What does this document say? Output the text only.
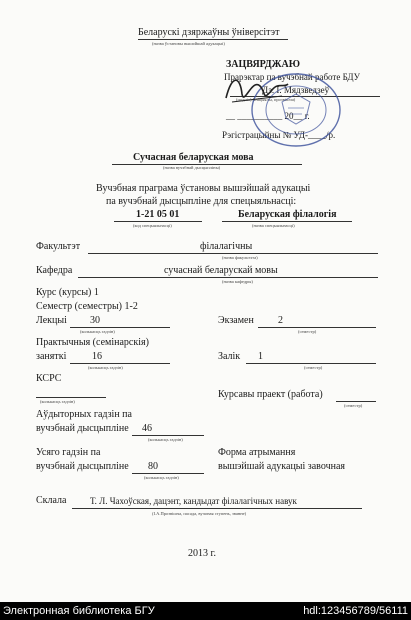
Беларускі дзяржаўны ўніверсітэт
(назва ўстановы вышэйшай адукацыі)
ЗАЦВЯРДЖАЮ
Прарэктар па вучэбнай работе БДУ
Дз. І. Мядзведзеў
(подпіс) (ініцыялы, прозвішча)
__ __________ 20__ г.
Рэгістрацыйны № УД-____/р.
Сучасная беларуская мова
(назва вучэбнай дысцыпліны)
Вучэбная праграма ўстановы вышэйшай адукацыі
па вучэбнай дысцыпліне для спецыяльнасці:
1-21 05 01	Беларуская філалогія
(код спецыяльнасці)	(назва спецыяльнасці)
Факультэт	філалагічны
(назва факультэта)
Кафедра	сучаснай беларускай мовы
(назва кафедры)
Курс (курсы) 1
Семестр (семестры) 1-2
Лекцыі 30
(колькасць гадзін)
Экзамен 2
(семестр)
Практычныя (семінарскія)
заняткі	16
(колькасць гадзін)
Залік 1
(семестр)
КСРС
Курсавы праект (работа)
(семестр)
(колькасць гадзін)
Аўдыторных гадзін па
вучэбнай дысцыпліне 46
(колькасць гадзін)
Усяго гадзін па
вучэбнай дысцыпліне 80
(колькасць гадзін)
Форма атрымання
вышэйшай адукацыі завочная
Склала	Т. Л. Чахоўская, дацэнт, кандыдат філалагічных навук
(І.А.Прозвішча, пасада, вучоная ступень, званне)
2013 г.
Электронная библиотека БГУ	hdl:123456789/56111
